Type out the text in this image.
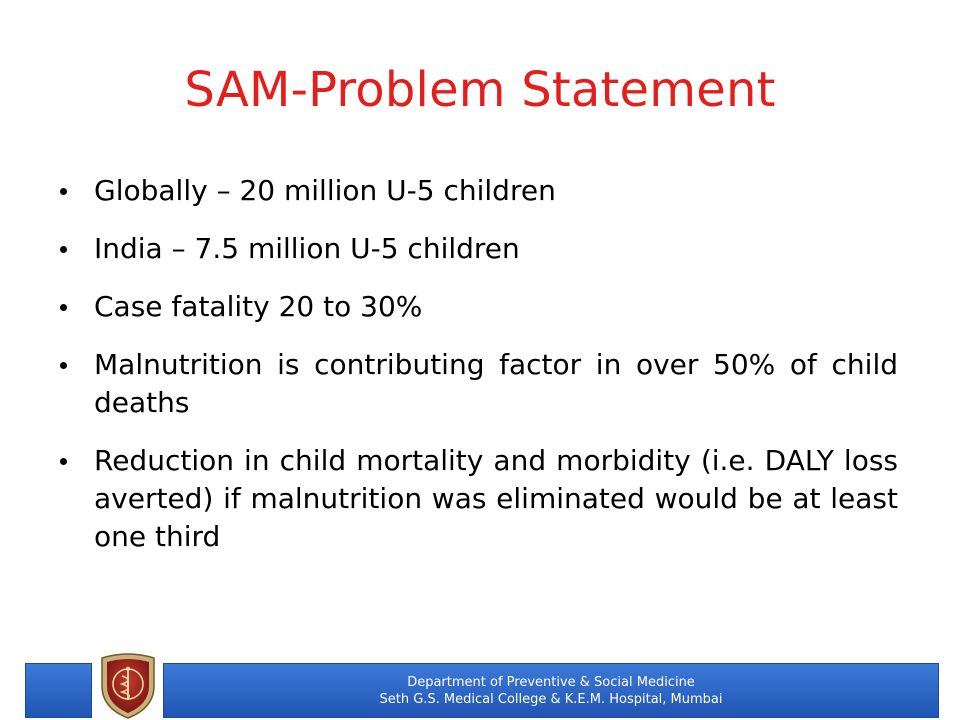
SAM-Problem Statement
Globally – 20 million U-5 children
India – 7.5 million U-5 children
Case fatality 20 to 30%
Malnutrition is contributing factor in over 50% of child deaths
Reduction in child mortality and morbidity (i.e. DALY loss averted) if malnutrition was eliminated would be at least one third
Department of Preventive & Social Medicine
Seth G.S. Medical College & K.E.M. Hospital, Mumbai
